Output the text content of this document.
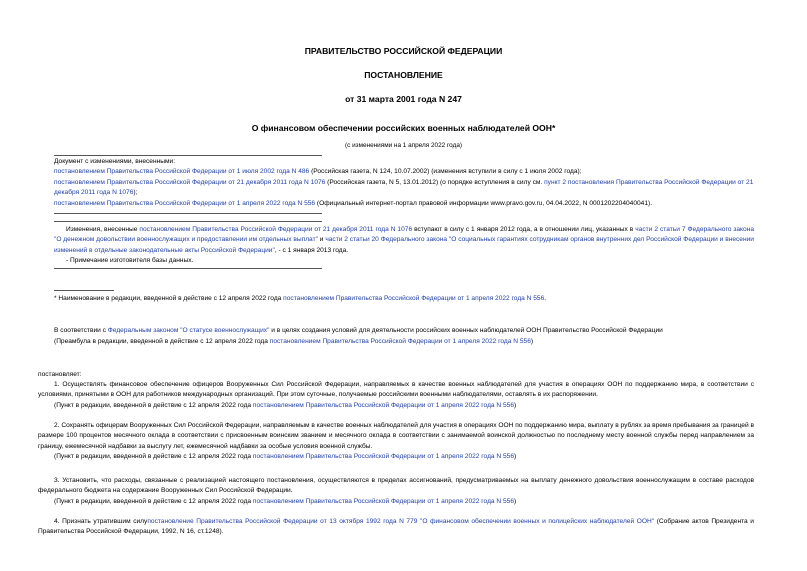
ПРАВИТЕЛЬСТВО РОССИЙСКОЙ ФЕДЕРАЦИИ
ПОСТАНОВЛЕНИЕ
от 31 марта 2001 года N 247
О финансовом обеспечении российских военных наблюдателей ООН*
(с изменениями на 1 апреля 2022 года)
Документ с изменениями, внесенными:
постановлением Правительства Российской Федерации от 1 июля 2002 года N 486 (Российская газета, N 124, 10.07.2002) (изменения вступили в силу с 1 июля 2002 года);
постановлением Правительства Российской Федерации от 21 декабря 2011 года N 1076 (Российская газета, N 5, 13.01.2012) (о порядке вступления в силу см. пункт 2 постановления Правительства Российской Федерации от 21 декабря 2011 года N 1076);
постановлением Правительства Российской Федерации от 1 апреля 2022 года N 556 (Официальный интернет-портал правовой информации www.pravo.gov.ru, 04.04.2022, N 0001202204040041).
Изменения, внесенные постановлением Правительства Российской Федерации от 21 декабря 2011 года N 1076 вступают в силу с 1 января 2012 года, а в отношении лиц, указанных в части 2 статьи 7 Федерального закона "О денежном довольствии военнослужащих и предоставлении им отдельных выплат" и части 2 статьи 20 Федерального закона "О социальных гарантиях сотрудникам органов внутренних дел Российской Федерации и внесении изменений в отдельные законодательные акты Российской Федерации", - с 1 января 2013 года.
- Примечание изготовителя базы данных.
* Наименование в редакции, введенной в действие с 12 апреля 2022 года постановлением Правительства Российской Федерации от 1 апреля 2022 года N 556.
В соответствии с Федеральным законом "О статусе военнослужащих" и в целях создания условий для деятельности российских военных наблюдателей ООН Правительство Российской Федерации
(Преамбула в редакции, введенной в действие с 12 апреля 2022 года постановлением Правительства Российской Федерации от 1 апреля 2022 года N 556)
постановляет:
1. Осуществлять финансовое обеспечение офицеров Вооруженных Сил Российской Федерации, направляемых в качестве военных наблюдателей для участия в операциях ООН по поддержанию мира, в соответствии с условиями, принятыми в ООН для работников международных организаций. При этом суточные, получаемые российскими военными наблюдателями, оставлять в их распоряжении.
(Пункт в редакции, введенной в действие с 12 апреля 2022 года постановлением Правительства Российской Федерации от 1 апреля 2022 года N 556)
2. Сохранять офицерам Вооруженных Сил Российской Федерации, направляемым в качестве военных наблюдателей для участия в операциях ООН по поддержанию мира, выплату в рублях за время пребывания за границей в размере 100 процентов месячного оклада в соответствии с присвоенным воинским званием и месячного оклада в соответствии с занимаемой воинской должностью по последнему месту военной службы перед направлением за границу, ежемесячной надбавки за выслугу лет, ежемесячной надбавки за особые условия военной службы.
(Пункт в редакции, введенной в действие с 12 апреля 2022 года постановлением Правительства Российской Федерации от 1 апреля 2022 года N 556)
3. Установить, что расходы, связанные с реализацией настоящего постановления, осуществляются в пределах ассигнований, предусматриваемых на выплату денежного довольствия военнослужащим в составе расходов федерального бюджета на содержание Вооруженных Сил Российской Федерации.
(Пункт в редакции, введенной в действие с 12 апреля 2022 года постановлением Правительства Российской Федерации от 1 апреля 2022 года N 556)
4. Признать утратившим силупостановление Правительства Российской Федерации от 13 октября 1992 года N 779 "О финансовом обеспечении военных и полицейских наблюдателей ООН" (Собрание актов Президента и Правительства Российской Федерации, 1992, N 16, ст.1248).
